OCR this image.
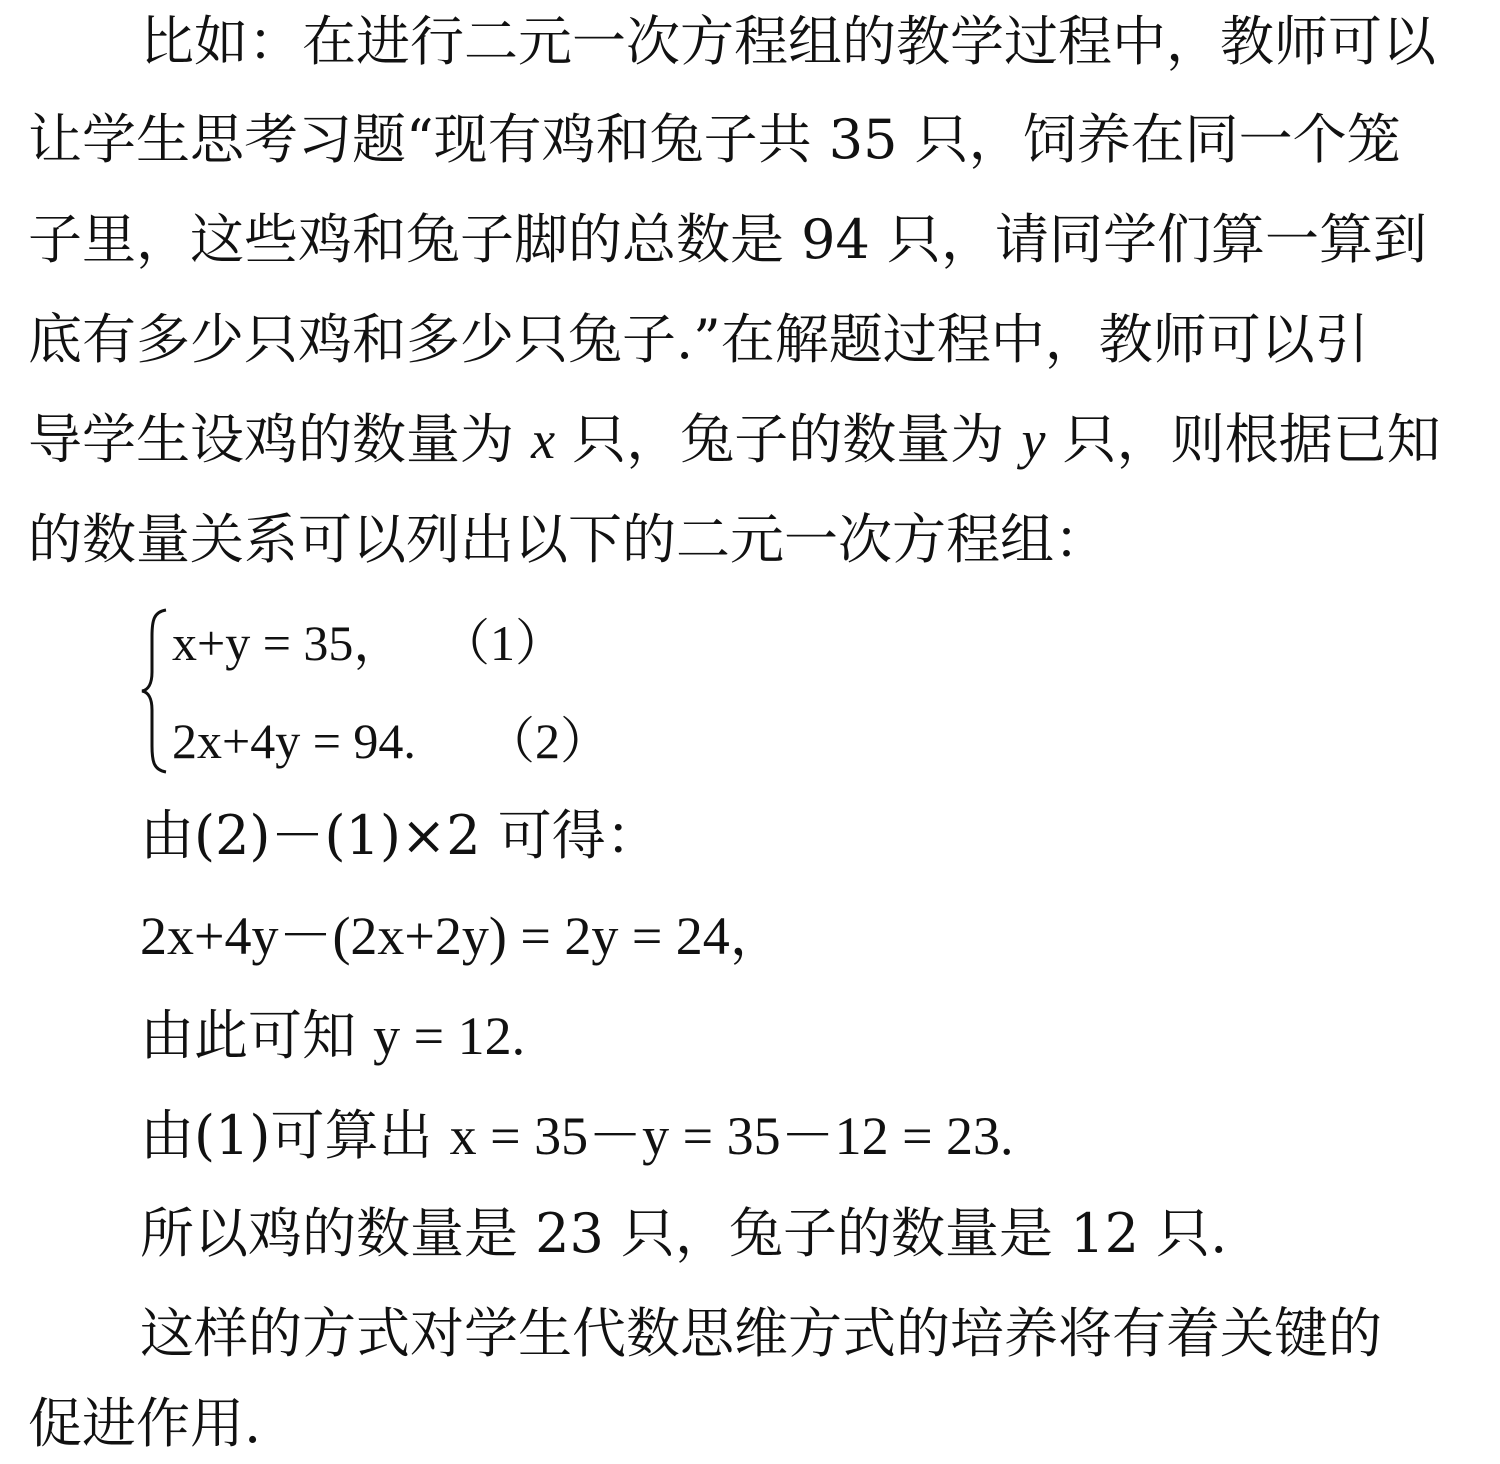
比如：在进行二元一次方程组的教学过程中，教师可以
让学生思考习题“现有鸡和兔子共 35 只，饲养在同一个笼
子里，这些鸡和兔子脚的总数是 94 只，请同学们算一算到
底有多少只鸡和多少只兔子.”在解题过程中，教师可以引
导学生设鸡的数量为 x 只，兔子的数量为 y 只，则根据已知
的数量关系可以列出以下的二元一次方程组：
x+y = 35， （1）
2x+4y = 94. （2）
由(2)－(1)×2 可得：
2x+4y－(2x+2y) = 2y = 24，
由此可知 y = 12.
由(1)可算出 x = 35－y = 35－12 = 23.
所以鸡的数量是 23 只，兔子的数量是 12 只.
这样的方式对学生代数思维方式的培养将有着关键的
促进作用.
